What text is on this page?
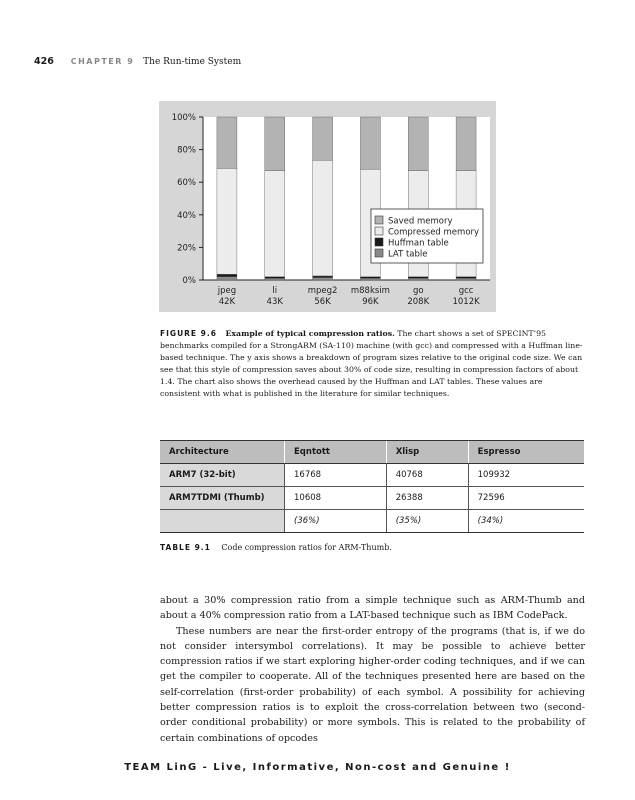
426 CHAPTER 9 The Run-time System
0%
20%
40%
60%
80%
100%
jpeg
42K
li
43K
mpeg2
56K
m88ksim
96K
go
208K
gcc
1012K
Saved memory
Compressed memory
Huffman table
LAT table
FIGURE 9.6 Example of typical compression ratios. The chart shows a set of SPECINT’95 benchmarks compiled for a StrongARM (SA-110) machine (with gcc) and compressed with a Huffman line-based technique. The y axis shows a breakdown of program sizes relative to the original code size. We can see that this style of compression saves about 30% of code size, resulting in compression factors of about 1.4. The chart also shows the overhead caused by the Huffman and LAT tables. These values are consistent with what is published in the literature for similar techniques.
Architecture	Eqntott	Xlisp	Espresso
ARM7 (32-bit)	16768	40768	109932
ARM7TDMI (Thumb)	10608	26388	72596
	(36%)	(35%)	(34%)
TABLE 9.1 Code compression ratios for ARM-Thumb.

about a 30% compression ratio from a simple technique such as ARM-Thumb and about a 40% compression ratio from a LAT-based technique such as IBM CodePack.

These numbers are near the first-order entropy of the programs (that is, if we do not consider intersymbol correlations). It may be possible to achieve better compression ratios if we start exploring higher-order coding techniques, and if we can get the compiler to cooperate. All of the techniques presented here are based on the self-correlation (first-order probability) of each symbol. A possibility for achieving better compression ratios is to exploit the cross-correlation between two (second-order conditional probability) or more symbols. This is related to the probability of certain combinations of opcodes

TEAM LinG - Live, Informative, Non-cost and Genuine !
